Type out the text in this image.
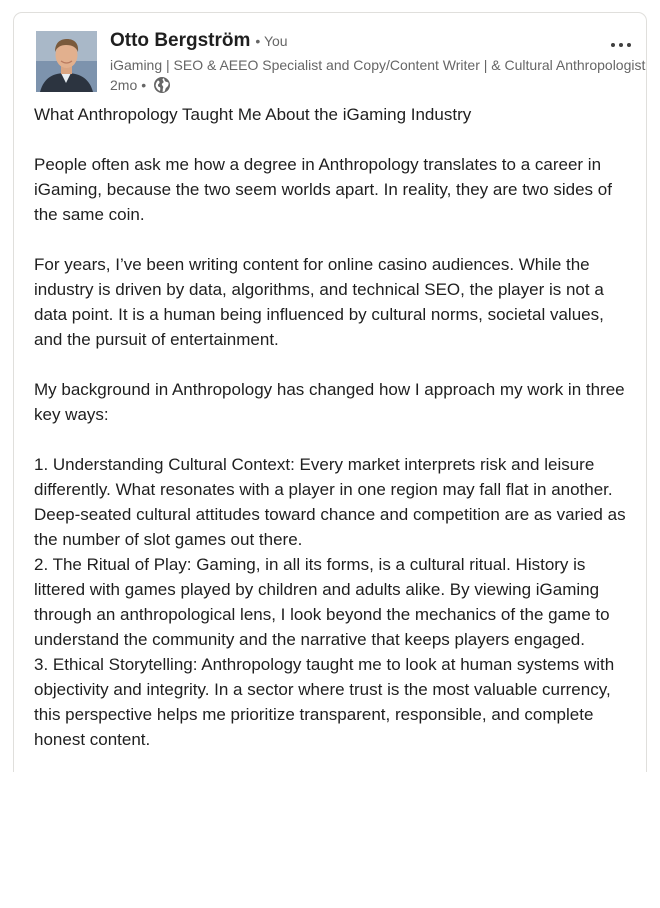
Otto Bergström • You
iGaming | SEO & AEEO Specialist and Copy/Content Writer | & Cultural Anthropologist
2mo •

What Anthropology Taught Me About the iGaming Industry

People often ask me how a degree in Anthropology translates to a career in iGaming, because the two seem worlds apart. In reality, they are two sides of the same coin.

For years, I’ve been writing content for online casino audiences. While the industry is driven by data, algorithms, and technical SEO, the player is not a data point. It is a human being influenced by cultural norms, societal values, and the pursuit of entertainment.

My background in Anthropology has changed how I approach my work in three key ways:

1. Understanding Cultural Context: Every market interprets risk and leisure differently. What resonates with a player in one region may fall flat in another. Deep-seated cultural attitudes toward chance and competition are as varied as the number of slot games out there.

2. The Ritual of Play: Gaming, in all its forms, is a cultural ritual. History is littered with games played by children and adults alike. By viewing iGaming through an anthropological lens, I look beyond the mechanics of the game to understand the community and the narrative that keeps players engaged.

3. Ethical Storytelling: Anthropology taught me to look at human systems with objectivity and integrity. In a sector where trust is the most valuable currency, this perspective helps me prioritize transparent, responsible, and complete honest content.
